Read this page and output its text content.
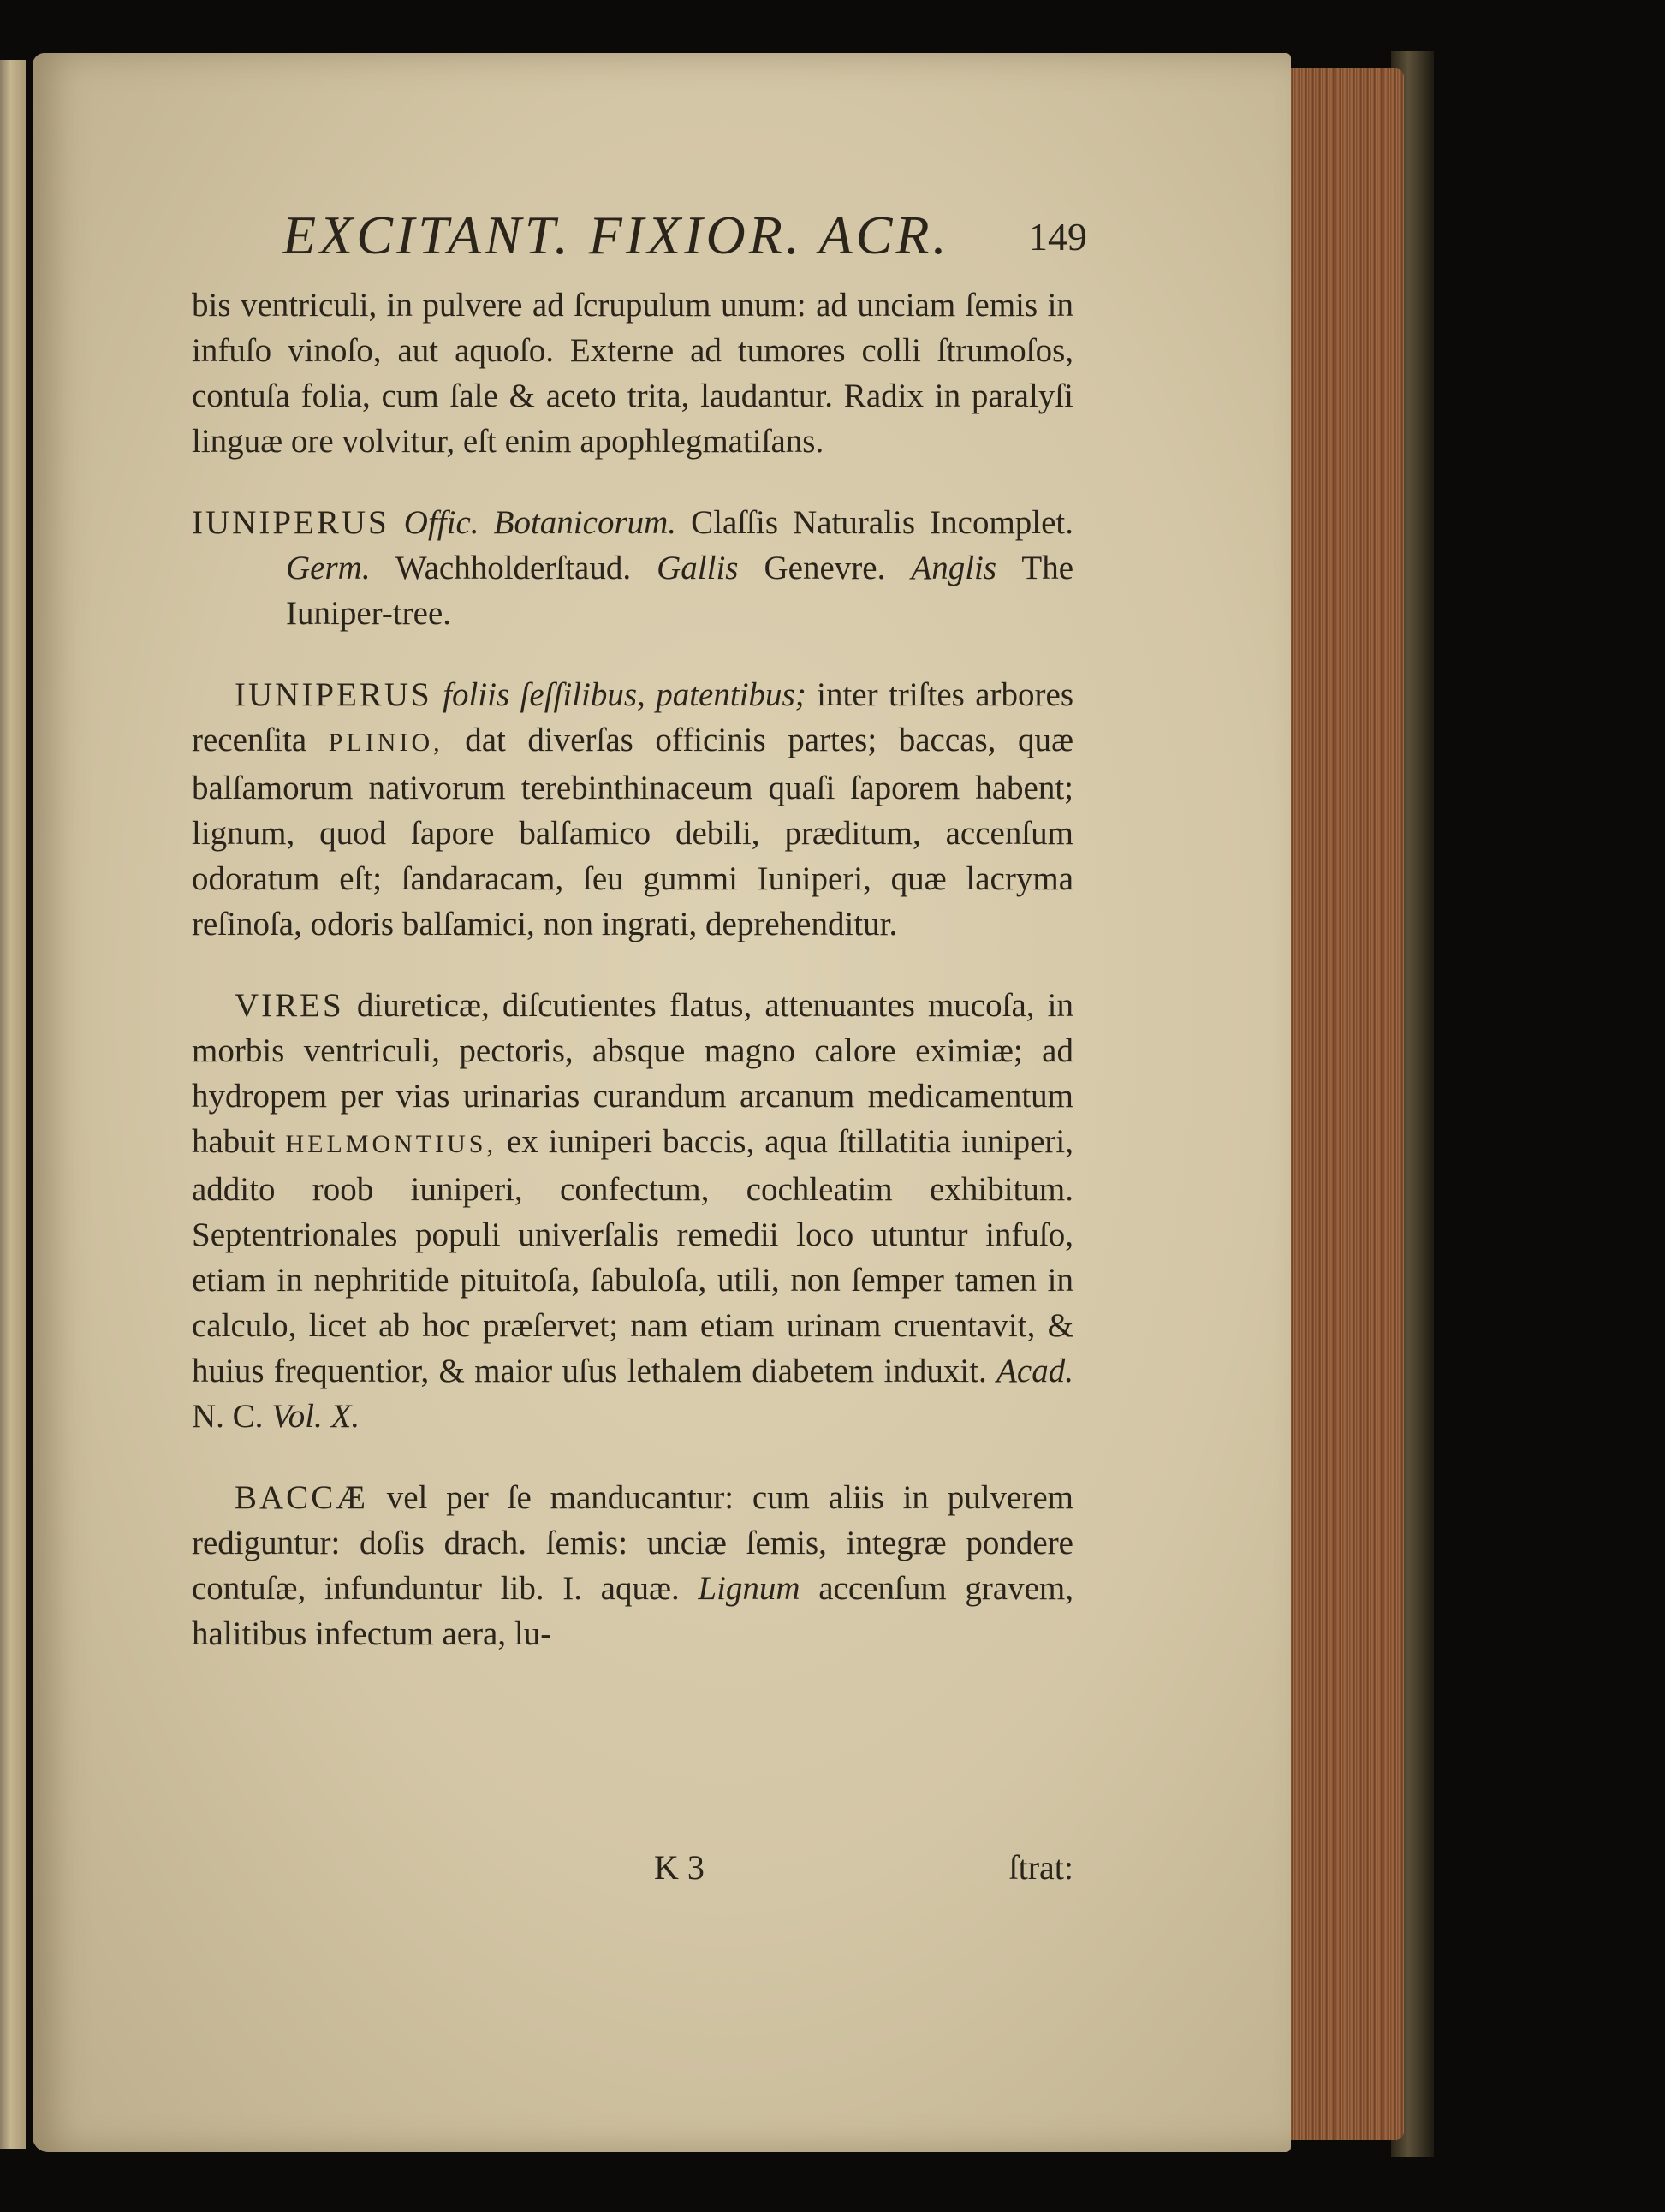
EXCITANT. FIXIOR. ACR. 149

bis ventriculi, in pulvere ad ſcrupulum unum: ad unciam ſemis in infuſo vinoſo, aut aquoſo. Externe ad tumores colli ſtrumoſos, contuſa folia, cum ſale & aceto trita, laudantur. Radix in paralyſi linguæ ore volvitur, eſt enim apophlegmatiſans.

IUNIPERUS Offic. Botanicorum. Claſſis Naturalis Incomplet. Germ. Wachholderſtaud. Gallis Genevre. Anglis The Iuniper-tree.

IUNIPERUS foliis ſeſſilibus, patentibus; inter triſtes arbores recenſita PLINIO, dat diverſas officinis partes; baccas, quæ balſamorum nativorum terebinthinaceum quaſi ſaporem habent; lignum, quod ſapore balſamico debili, præditum, accenſum odoratum eſt; ſandaracam, ſeu gummi Iuniperi, quæ lacryma reſinoſa, odoris balſamici, non ingrati, deprehenditur.

VIRES diureticæ, diſcutientes flatus, attenuantes mucoſa, in morbis ventriculi, pectoris, absque magno calore eximiæ; ad hydropem per vias urinarias curandum arcanum medicamentum habuit HELMONTIUS, ex iuniperi baccis, aqua ſtillatitia iuniperi, addito roob iuniperi, confectum, cochleatim exhibitum. Septentrionales populi univerſalis remedii loco utuntur infuſo, etiam in nephritide pituitoſa, ſabuloſa, utili, non ſemper tamen in calculo, licet ab hoc præſervet; nam etiam urinam cruentavit, & huius frequentior, & maior uſus lethalem diabetem induxit. Acad. N. C. Vol. X.

BACCÆ vel per ſe manducantur: cum aliis in pulverem rediguntur: doſis drach. ſemis: unciæ ſemis, integræ pondere contuſæ, infunduntur lib. I. aquæ. Lignum accenſum gravem, halitibus infectum aera, lu-

K 3	ſtrat:
